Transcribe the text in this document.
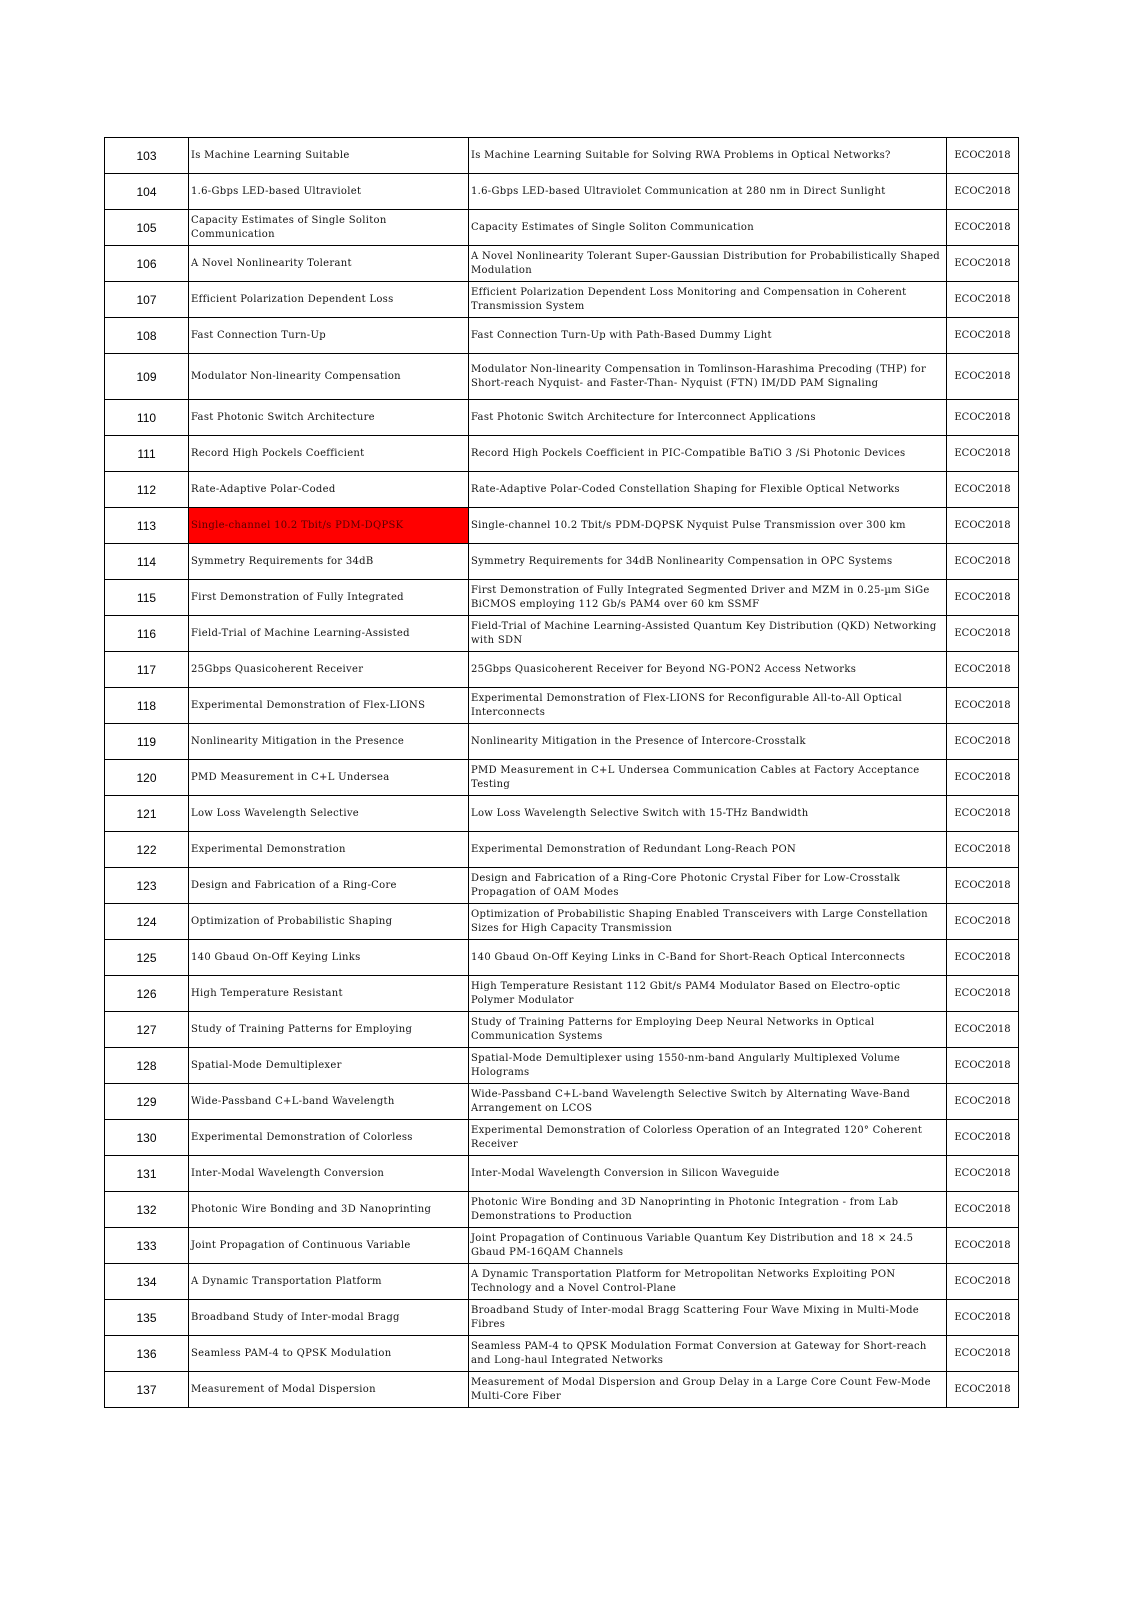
103	Is Machine Learning Suitable	Is Machine Learning Suitable for Solving RWA Problems in Optical Networks?	ECOC2018
104	1.6-Gbps LED-based Ultraviolet	1.6-Gbps LED-based Ultraviolet Communication at 280 nm in Direct Sunlight	ECOC2018
105	Capacity Estimates of Single Soliton Communication	Capacity Estimates of Single Soliton Communication	ECOC2018
106	A Novel Nonlinearity Tolerant	A Novel Nonlinearity Tolerant Super-Gaussian Distribution for Probabilistically Shaped Modulation	ECOC2018
107	Efficient Polarization Dependent Loss	Efficient Polarization Dependent Loss Monitoring and Compensation in Coherent Transmission System	ECOC2018
108	Fast Connection Turn-Up	Fast Connection Turn-Up with Path-Based Dummy Light	ECOC2018
109	Modulator Non-linearity Compensation	Modulator Non-linearity Compensation in Tomlinson-Harashima Precoding (THP) for Short-reach Nyquist- and Faster-Than- Nyquist (FTN) IM/DD PAM Signaling	ECOC2018
110	Fast Photonic Switch Architecture	Fast Photonic Switch Architecture for Interconnect Applications	ECOC2018
111	Record High Pockels Coefficient	Record High Pockels Coefficient in PIC-Compatible BaTiO 3 /Si Photonic Devices	ECOC2018
112	Rate-Adaptive Polar-Coded	Rate-Adaptive Polar-Coded Constellation Shaping for Flexible Optical Networks	ECOC2018
113	Single-channel 10.2 Tbit/s PDM-DQPSK	Single-channel 10.2 Tbit/s PDM-DQPSK Nyquist Pulse Transmission over 300 km	ECOC2018
114	Symmetry Requirements for 34dB	Symmetry Requirements for 34dB Nonlinearity Compensation in OPC Systems	ECOC2018
115	First Demonstration of Fully Integrated	First Demonstration of Fully Integrated Segmented Driver and MZM in 0.25-µm SiGe BiCMOS employing 112 Gb/s PAM4 over 60 km SSMF	ECOC2018
116	Field-Trial of Machine Learning-Assisted	Field-Trial of Machine Learning-Assisted Quantum Key Distribution (QKD) Networking with SDN	ECOC2018
117	25Gbps Quasicoherent Receiver	25Gbps Quasicoherent Receiver for Beyond NG-PON2 Access Networks	ECOC2018
118	Experimental Demonstration of Flex-LIONS	Experimental Demonstration of Flex-LIONS for Reconfigurable All-to-All Optical Interconnects	ECOC2018
119	Nonlinearity Mitigation in the Presence	Nonlinearity Mitigation in the Presence of Intercore-Crosstalk	ECOC2018
120	PMD Measurement in C+L Undersea	PMD Measurement in C+L Undersea Communication Cables at Factory Acceptance Testing	ECOC2018
121	Low Loss Wavelength Selective	Low Loss Wavelength Selective Switch with 15-THz Bandwidth	ECOC2018
122	Experimental Demonstration	Experimental Demonstration of Redundant Long-Reach PON	ECOC2018
123	Design and Fabrication of a Ring-Core	Design and Fabrication of a Ring-Core Photonic Crystal Fiber for Low-Crosstalk Propagation of OAM Modes	ECOC2018
124	Optimization of Probabilistic Shaping	Optimization of Probabilistic Shaping Enabled Transceivers with Large Constellation Sizes for High Capacity Transmission	ECOC2018
125	140 Gbaud On-Off Keying Links	140 Gbaud On-Off Keying Links in C-Band for Short-Reach Optical Interconnects	ECOC2018
126	High Temperature Resistant	High Temperature Resistant 112 Gbit/s PAM4 Modulator Based on Electro-optic Polymer Modulator	ECOC2018
127	Study of Training Patterns for Employing	Study of Training Patterns for Employing Deep Neural Networks in Optical Communication Systems	ECOC2018
128	Spatial-Mode Demultiplexer	Spatial-Mode Demultiplexer using 1550-nm-band Angularly Multiplexed Volume Holograms	ECOC2018
129	Wide-Passband C+L-band Wavelength	Wide-Passband C+L-band Wavelength Selective Switch by Alternating Wave-Band Arrangement on LCOS	ECOC2018
130	Experimental Demonstration of Colorless	Experimental Demonstration of Colorless Operation of an Integrated 120° Coherent Receiver	ECOC2018
131	Inter-Modal Wavelength Conversion	Inter-Modal Wavelength Conversion in Silicon Waveguide	ECOC2018
132	Photonic Wire Bonding and 3D Nanoprinting	Photonic Wire Bonding and 3D Nanoprinting in Photonic Integration - from Lab Demonstrations to Production	ECOC2018
133	Joint Propagation of Continuous Variable	Joint Propagation of Continuous Variable Quantum Key Distribution and 18 × 24.5 Gbaud PM-16QAM Channels	ECOC2018
134	A Dynamic Transportation Platform	A Dynamic Transportation Platform for Metropolitan Networks Exploiting PON Technology and a Novel Control-Plane	ECOC2018
135	Broadband Study of Inter-modal Bragg	Broadband Study of Inter-modal Bragg Scattering Four Wave Mixing in Multi-Mode Fibres	ECOC2018
136	Seamless PAM-4 to QPSK Modulation	Seamless PAM-4 to QPSK Modulation Format Conversion at Gateway for Short-reach and Long-haul Integrated Networks	ECOC2018
137	Measurement of Modal Dispersion	Measurement of Modal Dispersion and Group Delay in a Large Core Count Few-Mode Multi-Core Fiber	ECOC2018
